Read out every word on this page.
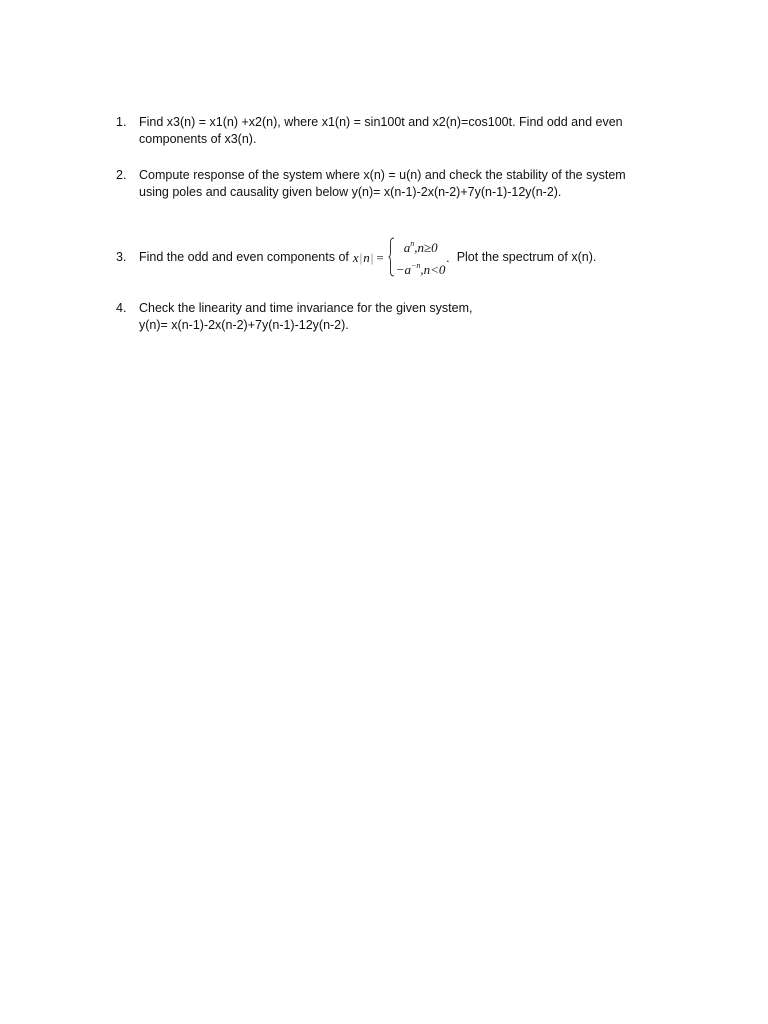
1.	Find x3(n) = x1(n) +x2(n), where x1(n) = sin100t and x2(n)=cos100t. Find odd and even
components of x3(n).
2.	Compute response of the system where x(n) = u(n) and check the stability of the system
using poles and causality given below y(n)= x(n-1)-2x(n-2)+7y(n-1)-12y(n-2).
3.	Find the odd and even components of x | n | =
$a^n,n\ge 0$
$-a^{-n},n<0$
. Plot the spectrum of x(n).
4.	Check the linearity and time invariance for the given system,
y(n)= x(n-1)-2x(n-2)+7y(n-1)-12y(n-2).
